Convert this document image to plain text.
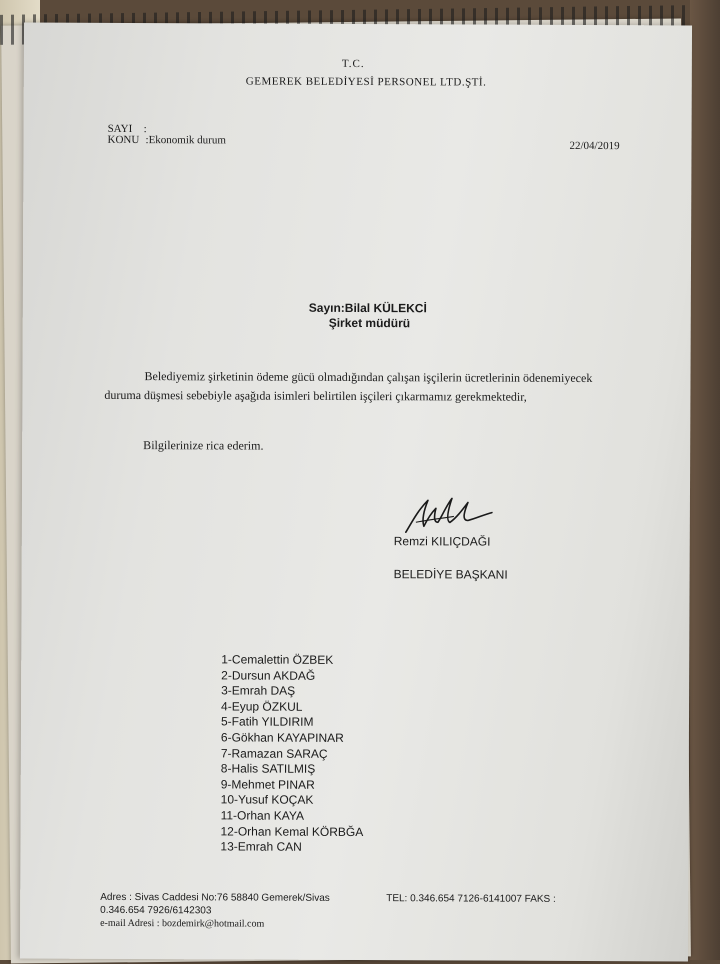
T.C.
GEMEREK BELEDİYESİ PERSONEL LTD.ŞTİ.
SAYI :
KONU :Ekonomik durum	22/04/2019
Sayın:Bilal KÜLEKCİ
Şirket müdürü
Belediyemiz şirketinin ödeme gücü olmadığından çalışan işçilerin ücretlerinin ödenemiyecek duruma düşmesi sebebiyle aşağıda isimleri belirtilen işçileri çıkarmamız gerekmektedir,
Bilgilerinize rica ederim.
Remzi KILIÇDAĞI
BELEDİYE BAŞKANI
1-Cemalettin ÖZBEK
2-Dursun AKDAĞ
3-Emrah DAŞ
4-Eyup ÖZKUL
5-Fatih YILDIRIM
6-Gökhan KAYAPINAR
7-Ramazan SARAÇ
8-Halis SATILMIŞ
9-Mehmet PINAR
10-Yusuf KOÇAK
11-Orhan KAYA
12-Orhan Kemal KÖRBĞA
13-Emrah CAN
Adres : Sivas Caddesi No:76 58840 Gemerek/Sivas	TEL: 0.346.654 7126-6141007 FAKS :
0.346.654 7926/6142303
e-mail Adresi : bozdemirk@hotmail.com
